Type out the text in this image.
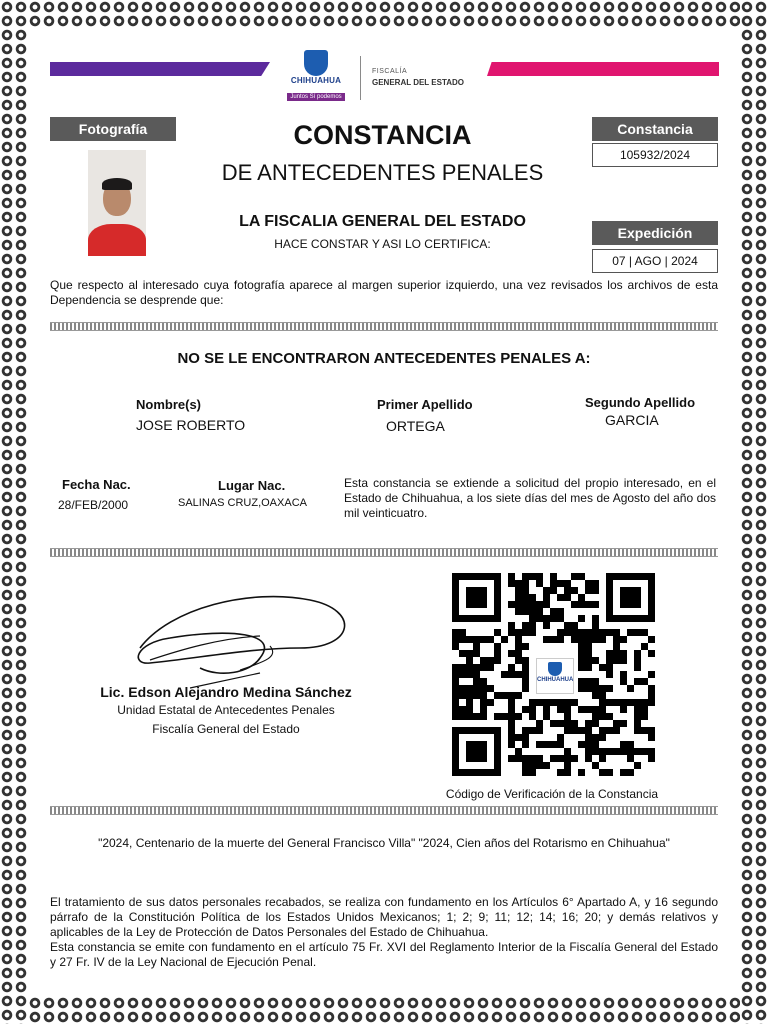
CHIHUAHUA
Juntos Sí podemos
FISCALÍA
GENERAL DEL ESTADO
Fotografía	CONSTANCIA
DE ANTECEDENTES PENALES
LA FISCALIA GENERAL DEL ESTADO
HACE CONSTAR Y ASI LO CERTIFICA:
Constancia
105932/2024
Expedición
07 | AGO | 2024
Que respecto al interesado cuya fotografía aparece al margen superior izquierdo, una vez revisados los archivos de esta Dependencia se desprende que:
NO SE LE ENCONTRARON ANTECEDENTES PENALES A:
Nombre(s)
JOSE ROBERTO
Primer Apellido
ORTEGA
Segundo Apellido
GARCIA
Fecha Nac.
28/FEB/2000
Lugar Nac.
SALINAS CRUZ,OAXACA
Esta constancia se extiende a solicitud del propio interesado, en el Estado de Chihuahua, a los siete días del mes de Agosto del año dos mil veinticuatro.
Lic. Edson Alejandro Medina Sánchez
Unidad Estatal de Antecedentes Penales
Fiscalía General del Estado
CHIHUAHUA
Código de Verificación de la Constancia
"2024, Centenario de la muerte del General Francisco Villa" "2024, Cien años del Rotarismo en Chihuahua"
El tratamiento de sus datos personales recabados, se realiza con fundamento en los Artículos 6° Apartado A, y 16 segundo párrafo de la Constitución Política de los Estados Unidos Mexicanos; 1; 2; 9; 11; 12; 14; 16; 20; y demás relativos y aplicables de la Ley de Protección de Datos Personales del Estado de Chihuahua.
Esta constancia se emite con fundamento en el artículo 75 Fr. XVI del Reglamento Interior de la Fiscalía General del Estado y 27 Fr. IV de la Ley Nacional de Ejecución Penal.
